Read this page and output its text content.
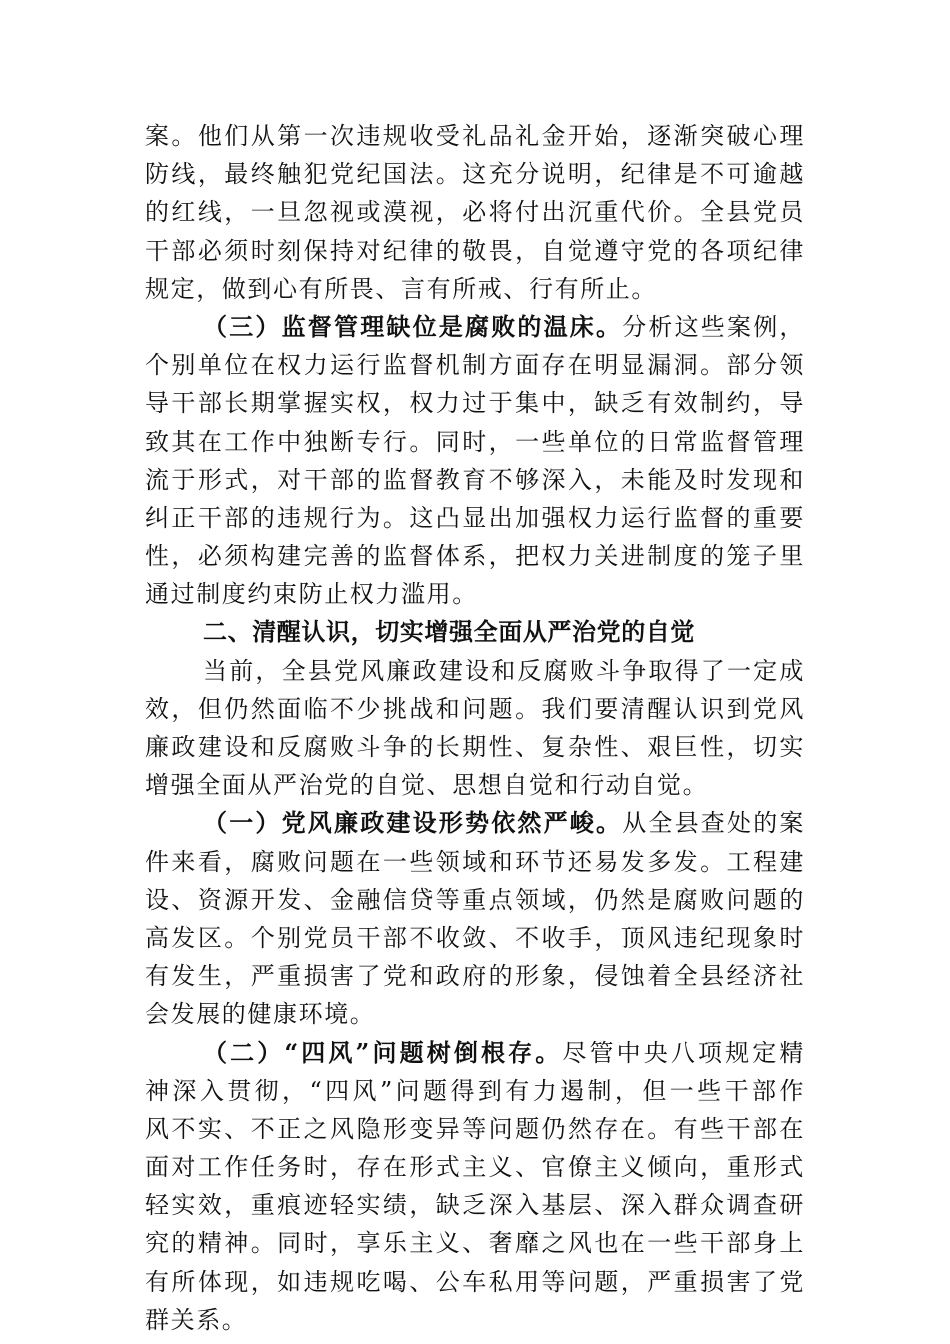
案。他们从第一次违规收受礼品礼金开始，逐渐突破心理
防线，最终触犯党纪国法。这充分说明，纪律是不可逾越
的红线，一旦忽视或漠视，必将付出沉重代价。全县党员
干部必须时刻保持对纪律的敬畏，自觉遵守党的各项纪律
规定，做到心有所畏、言有所戒、行有所止。
（三）监督管理缺位是腐败的温床。分析这些案例，
个别单位在权力运行监督机制方面存在明显漏洞。部分领
导干部长期掌握实权，权力过于集中，缺乏有效制约，导
致其在工作中独断专行。同时，一些单位的日常监督管理
流于形式，对干部的监督教育不够深入，未能及时发现和
纠正干部的违规行为。这凸显出加强权力运行监督的重要
性，必须构建完善的监督体系，把权力关进制度的笼子里
通过制度约束防止权力滥用。
二、清醒认识，切实增强全面从严治党的自觉
当前，全县党风廉政建设和反腐败斗争取得了一定成
效，但仍然面临不少挑战和问题。我们要清醒认识到党风
廉政建设和反腐败斗争的长期性、复杂性、艰巨性，切实
增强全面从严治党的自觉、思想自觉和行动自觉。
（一）党风廉政建设形势依然严峻。从全县查处的案
件来看，腐败问题在一些领域和环节还易发多发。工程建
设、资源开发、金融信贷等重点领域，仍然是腐败问题的
高发区。个别党员干部不收敛、不收手，顶风违纪现象时
有发生，严重损害了党和政府的形象，侵蚀着全县经济社
会发展的健康环境。
（二）“四风”问题树倒根存。尽管中央八项规定精
神深入贯彻，“四风”问题得到有力遏制，但一些干部作
风不实、不正之风隐形变异等问题仍然存在。有些干部在
面对工作任务时，存在形式主义、官僚主义倾向，重形式
轻实效，重痕迹轻实绩，缺乏深入基层、深入群众调查研
究的精神。同时，享乐主义、奢靡之风也在一些干部身上
有所体现，如违规吃喝、公车私用等问题，严重损害了党
群关系。
